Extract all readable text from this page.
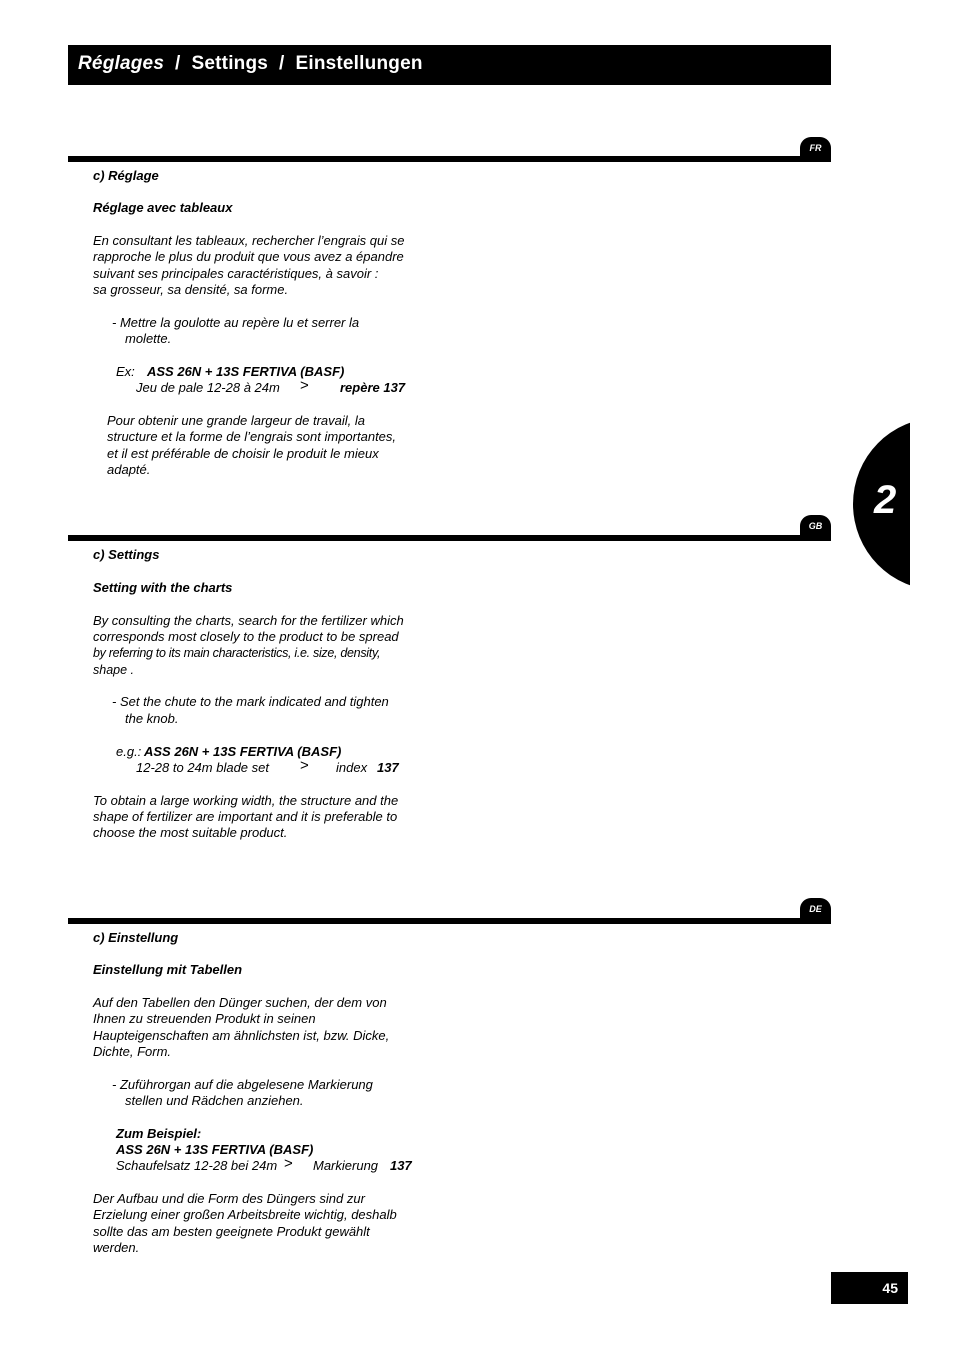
Réglages  /  Settings  /  Einstellungen
2
FR
c) Réglage
Réglage avec tableaux
En consultant les tableaux, rechercher l’engrais qui se
rapproche le plus du produit que vous avez a épandre
suivant ses principales caractéristiques, à savoir :
sa grosseur, sa densité, sa forme.
- Mettre la goulotte au repère lu et serrer la
molette.
Ex: ASS 26N + 13S FERTIVA (BASF)
Jeu de pale 12-28 à 24m > repère 137
Pour obtenir une grande largeur de travail, la
structure et la forme de l’engrais sont importantes,
et il est préférable de choisir le produit le mieux
adapté.
GB
c) Settings
Setting with the charts
By consulting the charts, search for the fertilizer which
corresponds most closely to the product to be spread
by referring to its main characteristics, i.e. size, density,
shape .
- Set the chute to the mark indicated and tighten
the knob.
e.g.: ASS 26N + 13S FERTIVA (BASF)
12-28 to 24m blade set > index 137
To obtain a large working width, the structure and the
shape of fertilizer are important and it is preferable to
choose the most suitable product.
DE
c) Einstellung
Einstellung mit Tabellen
Auf den Tabellen den Dünger suchen, der dem von
Ihnen zu streuenden Produkt in seinen
Haupteigenschaften am ähnlichsten ist, bzw. Dicke,
Dichte, Form.
- Zuführorgan auf die abgelesene Markierung
stellen und Rädchen anziehen.
Zum Beispiel:
ASS 26N + 13S FERTIVA (BASF)
Schaufelsatz 12-28 bei 24m > Markierung 137
Der Aufbau und die Form des Düngers sind zur
Erzielung einer großen Arbeitsbreite wichtig, deshalb
sollte das am besten geeignete Produkt gewählt
werden.
45
